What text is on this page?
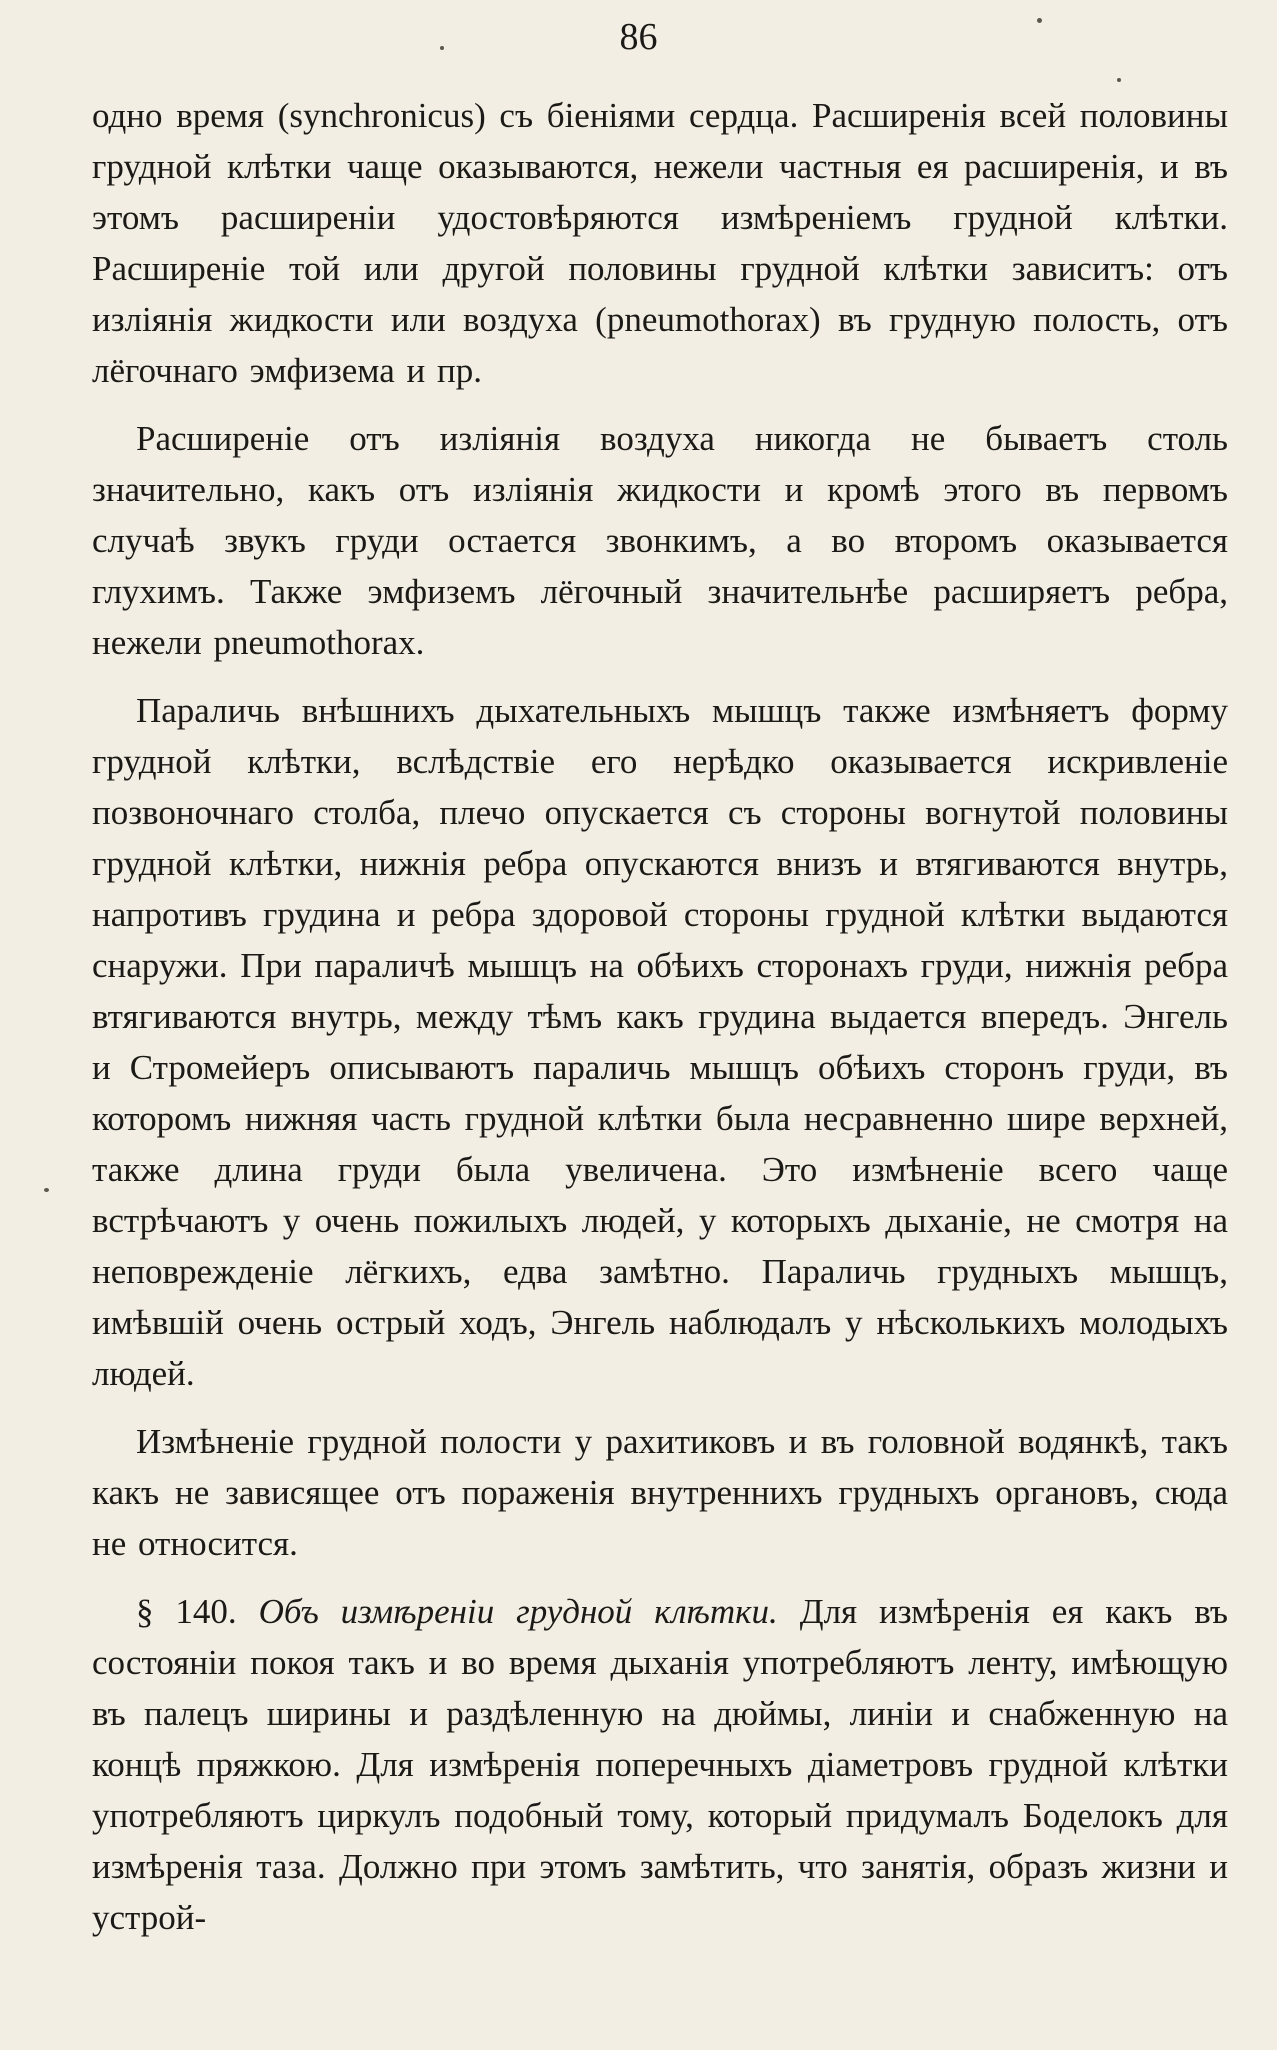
86

одно время (synchronicus) съ біеніями сердца. Расширенія всей половины грудной клѣтки чаще оказываются, нежели частныя ея расширенія, и въ этомъ расширеніи удостовѣряются измѣреніемъ грудной клѣтки. Расширеніе той или другой половины грудной клѣтки зависитъ: отъ изліянія жидкости или воздуха (pneumothorax) въ грудную полость, отъ лёгочнаго эмфизема и пр.

Расширеніе отъ изліянія воздуха никогда не бываетъ столь значительно, какъ отъ изліянія жидкости и кромѣ этого въ первомъ случаѣ звукъ груди остается звонкимъ, а во второмъ оказывается глухимъ. Также эмфиземъ лёгочный значительнѣе расширяетъ ребра, нежели pneumothorax.

Параличь внѣшнихъ дыхательныхъ мышцъ также измѣняетъ форму грудной клѣтки, вслѣдствіе его нерѣдко оказывается искривленіе позвоночнаго столба, плечо опускается съ стороны вогнутой половины грудной клѣтки, нижнія ребра опускаются внизъ и втягиваются внутрь, напротивъ грудина и ребра здоровой стороны грудной клѣтки выдаются снаружи. При параличѣ мышцъ на обѣихъ сторонахъ груди, нижнія ребра втягиваются внутрь, между тѣмъ какъ грудина выдается впередъ. Энгель и Стромейеръ описываютъ параличь мышцъ обѣихъ сторонъ груди, въ которомъ нижняя часть грудной клѣтки была несравненно шире верхней, также длина груди была увеличена. Это измѣненіе всего чаще встрѣчаютъ у очень пожилыхъ людей, у которыхъ дыханіе, не смотря на неповрежденіе лёгкихъ, едва замѣтно. Параличь грудныхъ мышцъ, имѣвшій очень острый ходъ, Энгель наблюдалъ у нѣсколькихъ молодыхъ людей.

Измѣненіе грудной полости у рахитиковъ и въ головной водянкѣ, такъ какъ не зависящее отъ пораженія внутреннихъ грудныхъ органовъ, сюда не относится.

§ 140. Объ измѣреніи грудной клѣтки. Для измѣренія ея какъ въ состояніи покоя такъ и во время дыханія употребляютъ ленту, имѣющую въ палецъ ширины и раздѣленную на дюймы, линіи и снабженную на концѣ пряжкою. Для измѣренія поперечныхъ діаметровъ грудной клѣтки употребляютъ циркулъ подобный тому, который придумалъ Боделокъ для измѣренія таза. Должно при этомъ замѣтить, что занятія, образъ жизни и устрой-
